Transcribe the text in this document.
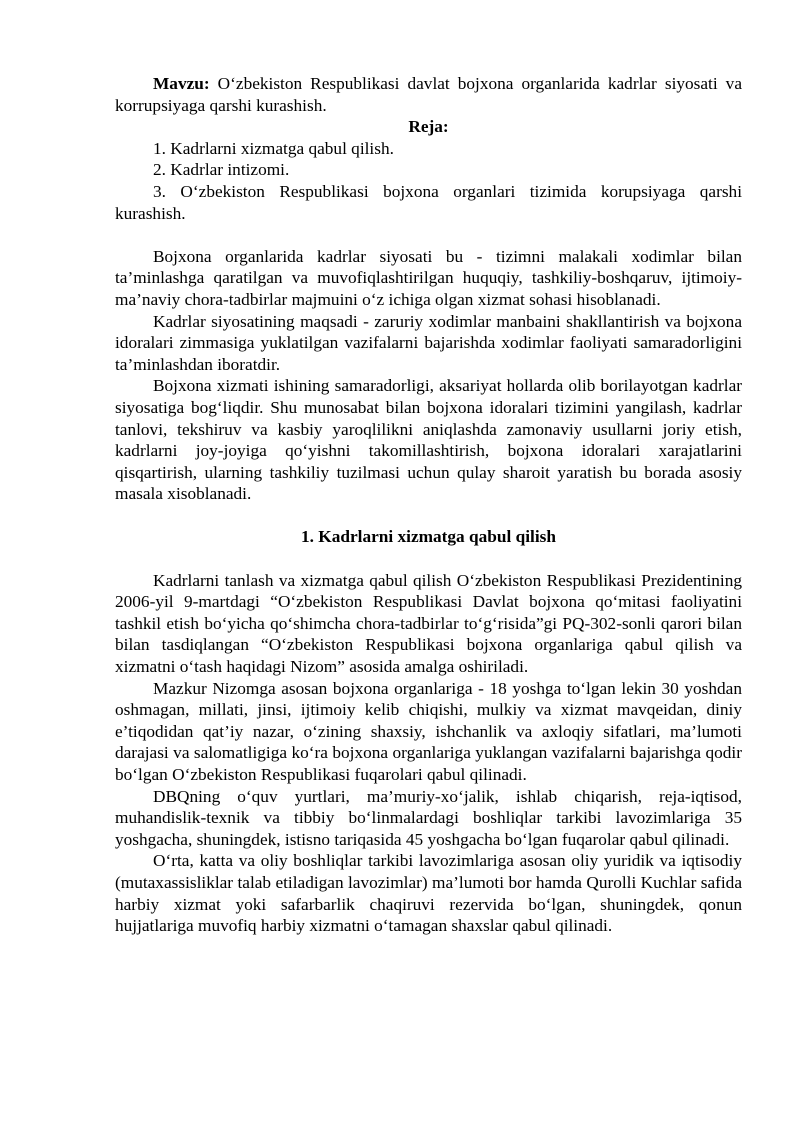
Mavzu: O‘zbekiston Respublikasi davlat bojxona organlarida kadrlar siyosati va korrupsiyaga qarshi kurashish.

Reja:

1. Kadrlarni xizmatga qabul qilish.

2. Kadrlar intizomi.

3. O‘zbekiston Respublikasi bojxona organlari tizimida korupsiyaga qarshi kurashish.

Bojxona organlarida kadrlar siyosati bu - tizimni malakali xodimlar bilan ta’minlashga qaratilgan va muvofiqlashtirilgan huquqiy, tashkiliy-boshqaruv, ijtimoiy-ma’naviy chora-tadbirlar majmuini o‘z ichiga olgan xizmat sohasi hisoblanadi.

Kadrlar siyosatining maqsadi - zaruriy xodimlar manbaini shakllantirish va bojxona idoralari zimmasiga yuklatilgan vazifalarni bajarishda xodimlar faoliyati samaradorligini ta’minlashdan iboratdir.

Bojxona xizmati ishining samaradorligi, aksariyat hollarda olib borilayotgan kadrlar siyosatiga bog‘liqdir. Shu munosabat bilan bojxona idoralari tizimini yangilash, kadrlar tanlovi, tekshiruv va kasbiy yaroqlilikni aniqlashda zamonaviy usullarni joriy etish, kadrlarni joy-joyiga qo‘yishni takomillashtirish, bojxona idoralari xarajatlarini qisqartirish, ularning tashkiliy tuzilmasi uchun qulay sharoit yaratish bu borada asosiy masala xisoblanadi.

1. Kadrlarni xizmatga qabul qilish

Kadrlarni tanlash va xizmatga qabul qilish O‘zbekiston Respublikasi Prezidentining 2006-yil 9-martdagi “O‘zbekiston Respublikasi Davlat bojxona qo‘mitasi faoliyatini tashkil etish bo‘yicha qo‘shimcha chora-tadbirlar to‘g‘risida”gi PQ-302-sonli qarori bilan bilan tasdiqlangan “O‘zbekiston Respublikasi bojxona organlariga qabul qilish va xizmatni o‘tash haqidagi Nizom” asosida amalga oshiriladi.

Mazkur Nizomga asosan bojxona organlariga - 18 yoshga to‘lgan lekin 30 yoshdan oshmagan, millati, jinsi, ijtimoiy kelib chiqishi, mulkiy va xizmat mavqeidan, diniy e’tiqodidan qat’iy nazar, o‘zining shaxsiy, ishchanlik va axloqiy sifatlari, ma’lumoti darajasi va salomatligiga ko‘ra bojxona organlariga yuklangan vazifalarni bajarishga qodir bo‘lgan O‘zbekiston Respublikasi fuqarolari qabul qilinadi.

DBQning o‘quv yurtlari, ma’muriy-xo‘jalik, ishlab chiqarish, reja-iqtisod, muhandislik-texnik va tibbiy bo‘linmalardagi boshliqlar tarkibi lavozimlariga 35 yoshgacha, shuningdek, istisno tariqasida 45 yoshgacha bo‘lgan fuqarolar qabul qilinadi.

O‘rta, katta va oliy boshliqlar tarkibi lavozimlariga asosan oliy yuridik va iqtisodiy (mutaxassisliklar talab etiladigan lavozimlar) ma’lumoti bor hamda Qurolli Kuchlar safida harbiy xizmat yoki safarbarlik chaqiruvi rezervida bo‘lgan, shuningdek, qonun hujjatlariga muvofiq harbiy xizmatni o‘tamagan shaxslar qabul qilinadi.
